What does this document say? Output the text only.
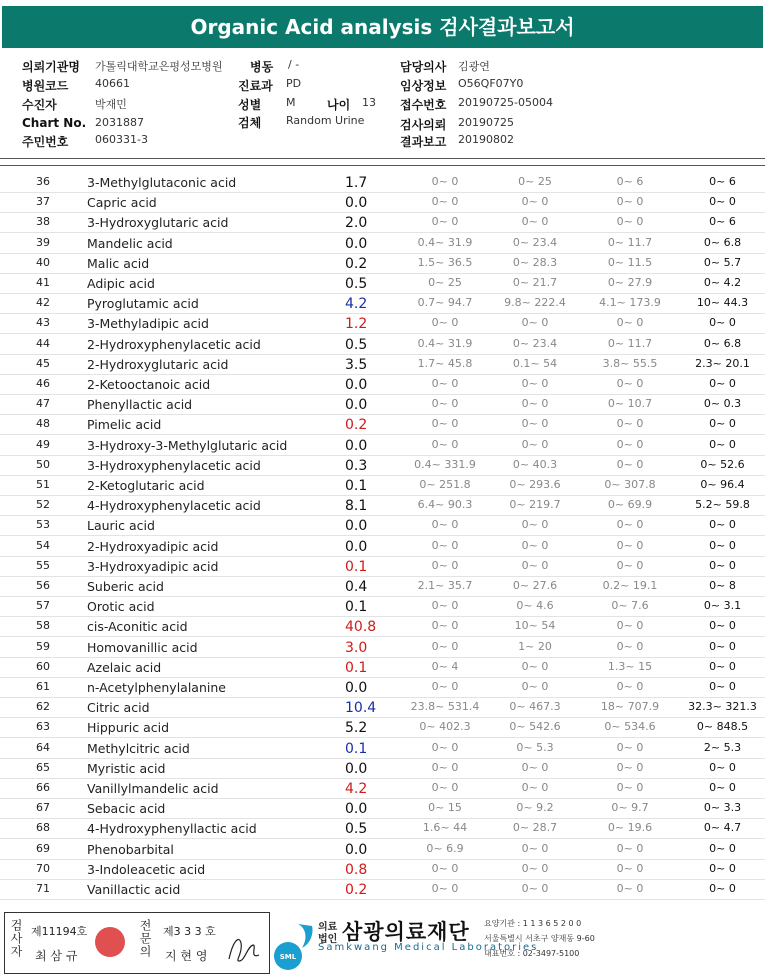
Organic Acid analysis 검사결과보고서
의뢰기관명 가톨릭대학교은평성모병원 병동 / -	담당의사 김광연
병원코드 40661	진료과 PD	임상정보 O56QF07Y0
수진자	박재민	성별 M	나이 13 접수번호 20190725-05004
Chart No. 2031887	검체 Random Urine	검사의뢰 20190725
주민번호 060331-3	결과보고 20190802
36	3-Methylglutaconic acid	1.7	0~ 0	0~ 25	0~ 6	0~ 6
37	Capric acid	0.0	0~ 0	0~ 0	0~ 0	0~ 0
38	3-Hydroxyglutaric acid	2.0	0~ 0	0~ 0	0~ 0	0~ 6
39	Mandelic acid	0.0	0.4~ 31.9	0~ 23.4	0~ 11.7	0~ 6.8
40	Malic acid	0.2	1.5~ 36.5	0~ 28.3	0~ 11.5	0~ 5.7
41	Adipic acid	0.5	0~ 25	0~ 21.7	0~ 27.9	0~ 4.2
42	Pyroglutamic acid	4.2	0.7~ 94.7	9.8~ 222.4	4.1~ 173.9	10~ 44.3
43	3-Methyladipic acid	1.2	0~ 0	0~ 0	0~ 0	0~ 0
44	2-Hydroxyphenylacetic acid	0.5	0.4~ 31.9	0~ 23.4	0~ 11.7	0~ 6.8
45	2-Hydroxyglutaric acid	3.5	1.7~ 45.8	0.1~ 54	3.8~ 55.5	2.3~ 20.1
46	2-Ketooctanoic acid	0.0	0~ 0	0~ 0	0~ 0	0~ 0
47	Phenyllactic acid	0.0	0~ 0	0~ 0	0~ 10.7	0~ 0.3
48	Pimelic acid	0.2	0~ 0	0~ 0	0~ 0	0~ 0
49	3-Hydroxy-3-Methylglutaric acid	0.0	0~ 0	0~ 0	0~ 0	0~ 0
50	3-Hydroxyphenylacetic acid	0.3	0.4~ 331.9	0~ 40.3	0~ 0	0~ 52.6
51	2-Ketoglutaric acid	0.1	0~ 251.8	0~ 293.6	0~ 307.8	0~ 96.4
52	4-Hydroxyphenylacetic acid	8.1	6.4~ 90.3	0~ 219.7	0~ 69.9	5.2~ 59.8
53	Lauric acid	0.0	0~ 0	0~ 0	0~ 0	0~ 0
54	2-Hydroxyadipic acid	0.0	0~ 0	0~ 0	0~ 0	0~ 0
55	3-Hydroxyadipic acid	0.1	0~ 0	0~ 0	0~ 0	0~ 0
56	Suberic acid	0.4	2.1~ 35.7	0~ 27.6	0.2~ 19.1	0~ 8
57	Orotic acid	0.1	0~ 0	0~ 4.6	0~ 7.6	0~ 3.1
58	cis-Aconitic acid	40.8	0~ 0	10~ 54	0~ 0	0~ 0
59	Homovanillic acid	3.0	0~ 0	1~ 20	0~ 0	0~ 0
60	Azelaic acid	0.1	0~ 4	0~ 0	1.3~ 15	0~ 0
61	n-Acetylphenylalanine	0.0	0~ 0	0~ 0	0~ 0	0~ 0
62	Citric acid	10.4	23.8~ 531.4	0~ 467.3	18~ 707.9	32.3~ 321.3
63	Hippuric acid	5.2	0~ 402.3	0~ 542.6	0~ 534.6	0~ 848.5
64	Methylcitric acid	0.1	0~ 0	0~ 5.3	0~ 0	2~ 5.3
65	Myristic acid	0.0	0~ 0	0~ 0	0~ 0	0~ 0
66	Vanillylmandelic acid	4.2	0~ 0	0~ 0	0~ 0	0~ 0
67	Sebacic acid	0.0	0~ 15	0~ 9.2	0~ 9.7	0~ 3.3
68	4-Hydroxyphenyllactic acid	0.5	1.6~ 44	0~ 28.7	0~ 19.6	0~ 4.7
69	Phenobarbital	0.0	0~ 6.9	0~ 0	0~ 0	0~ 0
70	3-Indoleacetic acid	0.8	0~ 0	0~ 0	0~ 0	0~ 0
71	Vanillactic acid	0.2	0~ 0	0~ 0	0~ 0	0~ 0
검사자 제11194호
최 삼 규	전문의 제3 3 3 호
지 현 영	SML
의료법인 삼광의료재단
Samkwang Medical Laboratories
요양기관 : 1 1 3 6 5 2 0 0
서울특별시 서초구 양재동 9-60
대표번호 : 02-3497-5100
